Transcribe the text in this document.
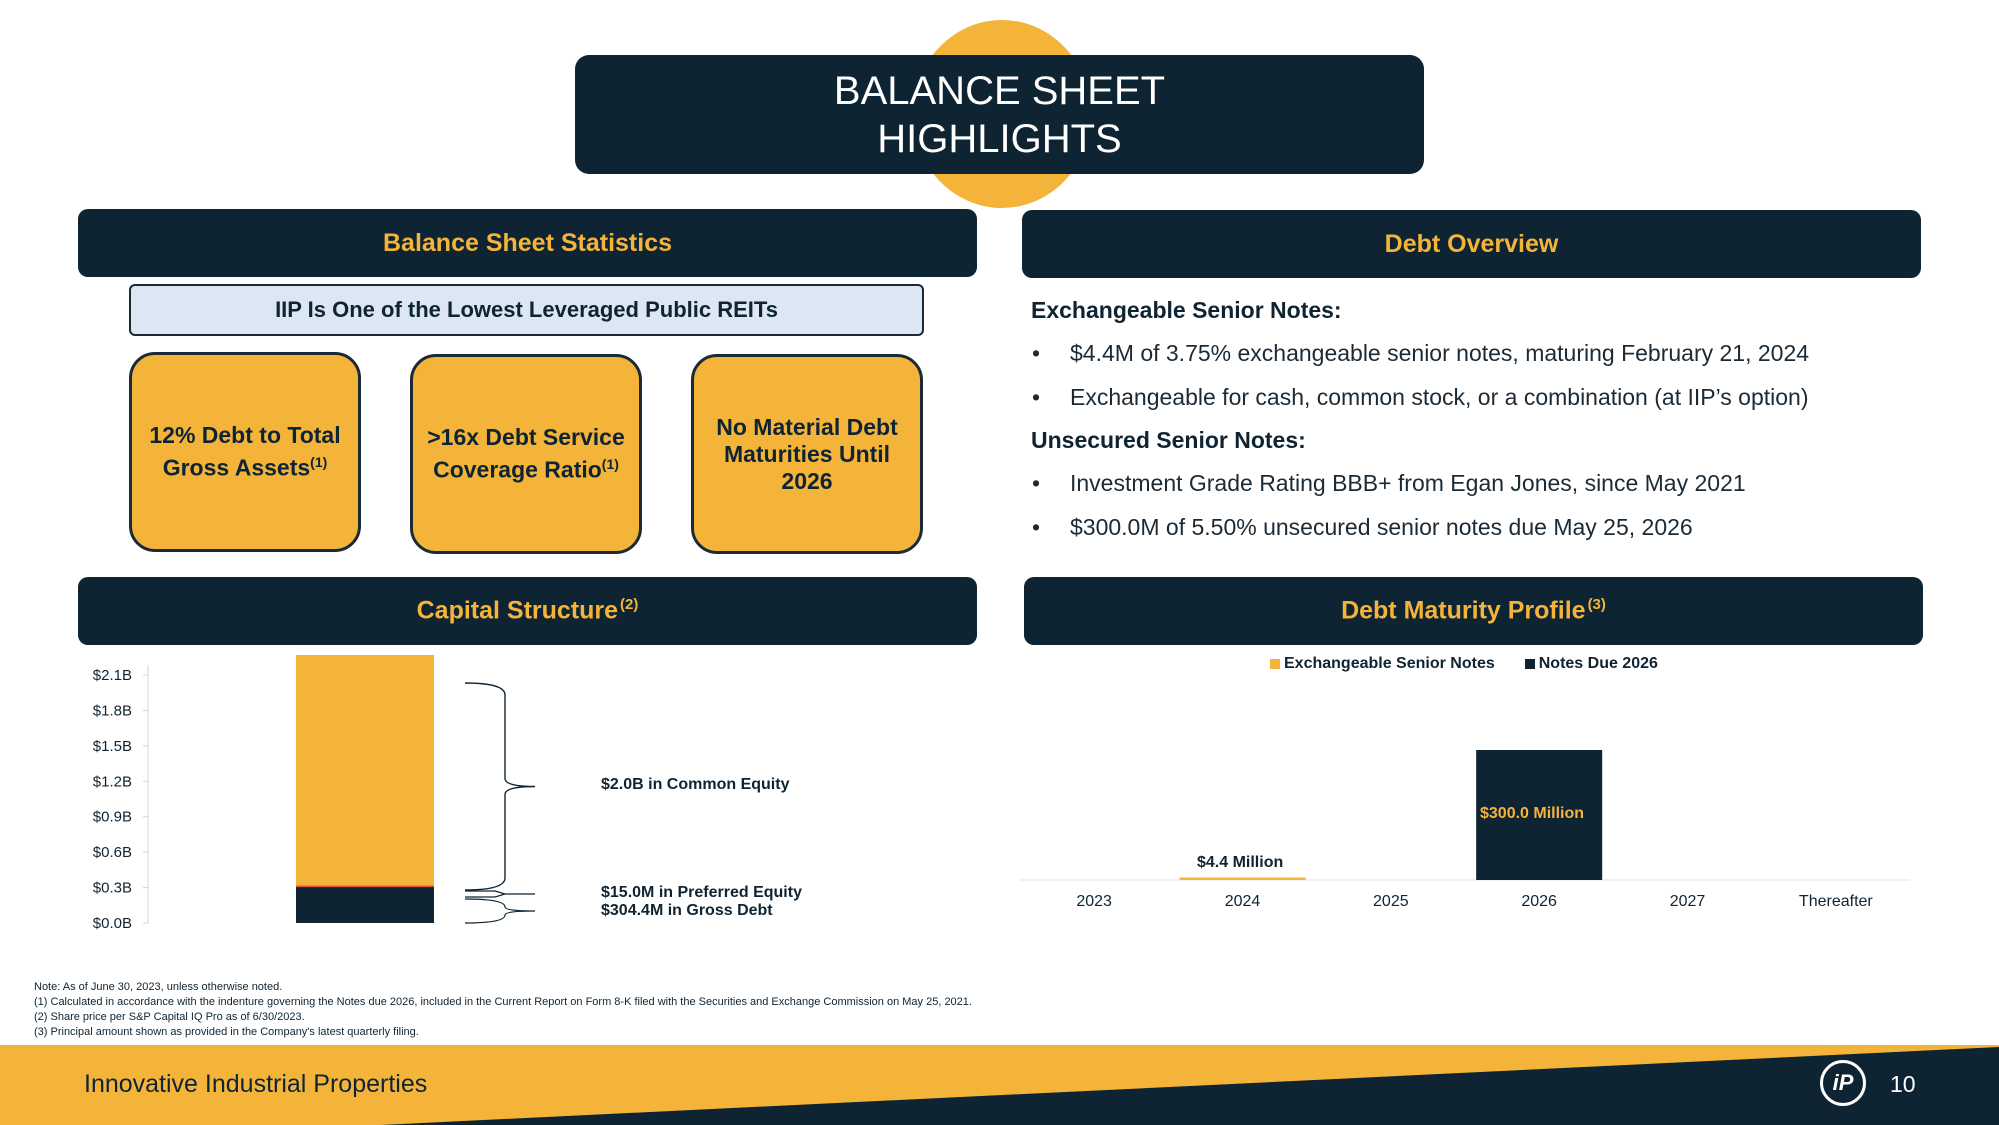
BALANCE SHEET
HIGHLIGHTS
Balance Sheet Statistics
IIP Is One of the Lowest Leveraged Public REITs
12% Debt to Total Gross Assets$^{(1)}$
>16x Debt Service Coverage Ratio$^{(1)}$
No Material Debt Maturities Until 2026
Debt Overview
Exchangeable Senior Notes:
• $4.4M of 3.75% exchangeable senior notes, maturing February 21, 2024
• Exchangeable for cash, common stock, or a combination (at IIP’s option)
Unsecured Senior Notes:
• Investment Grade Rating BBB+ from Egan Jones, since May 2021
• $300.0M of 5.50% unsecured senior notes due May 25, 2026
Capital Structure $^{(2)}$
$0.0B
$0.3B
$0.6B
$0.9B
$1.2B
$1.5B
$1.8B
$2.1B
$2.0B in Common Equity
$15.0M in Preferred Equity
$304.4M in Gross Debt
Debt Maturity Profile $^{(3)}$
Exchangeable Senior Notes	Notes Due 2026
2023	2024	2025	2026	2027	Thereafter
$4.4 Million
$300.0 Million
Note: As of June 30, 2023, unless otherwise noted.
(1) Calculated in accordance with the indenture governing the Notes due 2026, included in the Current Report on Form 8-K filed with the Securities and Exchange Commission on May 25, 2021.
(2) Share price per S&P Capital IQ Pro as of 6/30/2023.
(3) Principal amount shown as provided in the Company's latest quarterly filing.
Innovative Industrial Properties	iP 10
